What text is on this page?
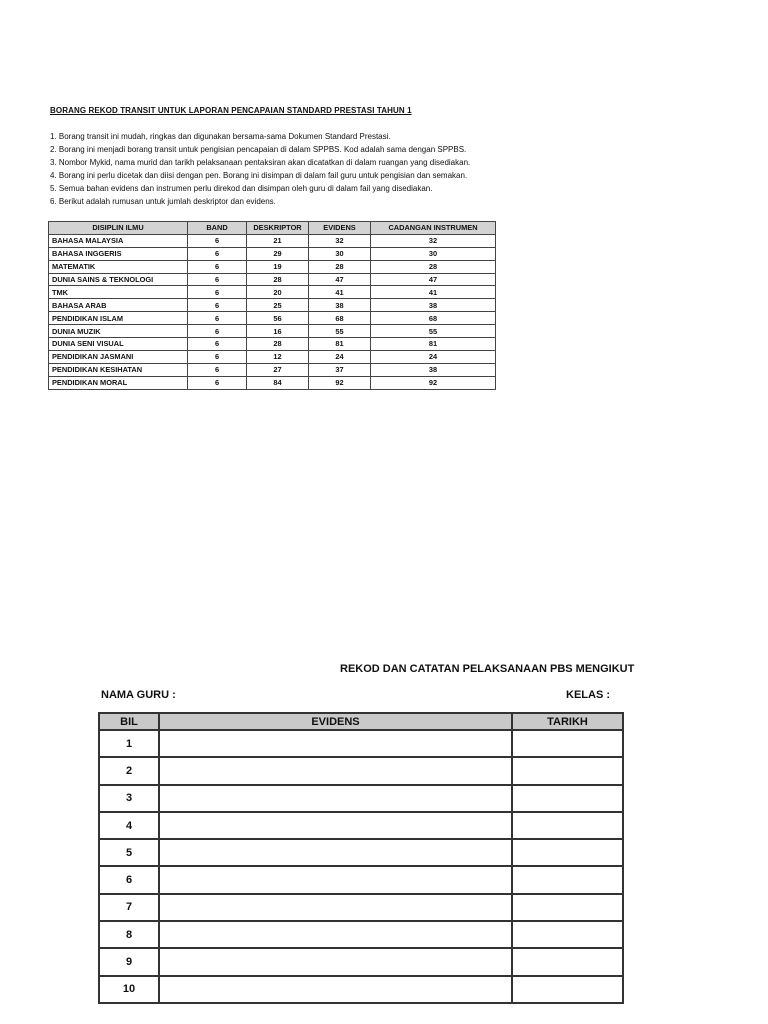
BORANG REKOD TRANSIT UNTUK LAPORAN PENCAPAIAN STANDARD PRESTASI TAHUN 1
1. Borang transit ini mudah, ringkas dan digunakan bersama-sama Dokumen Standard Prestasi.
2. Borang ini menjadi borang transit untuk pengisian pencapaian di dalam SPPBS. Kod adalah sama dengan SPPBS.
3. Nombor Mykid, nama murid dan tarikh pelaksanaan pentaksiran akan dicatatkan di dalam ruangan yang disediakan.
4. Borang ini perlu dicetak dan diisi dengan pen. Borang ini disimpan di dalam fail guru untuk pengisian dan semakan.
5. Semua bahan evidens dan instrumen perlu direkod dan disimpan oleh guru di dalam fail yang disediakan.
6. Berikut adalah rumusan untuk jumlah deskriptor dan evidens.
DISIPLIN ILMU	BAND	DESKRIPTOR	EVIDENS	CADANGAN INSTRUMEN
BAHASA MALAYSIA	6	21	32	32
BAHASA INGGERIS	6	29	30	30
MATEMATIK	6	19	28	28
DUNIA SAINS & TEKNOLOGI	6	28	47	47
TMK	6	20	41	41
BAHASA ARAB	6	25	38	38
PENDIDIKAN ISLAM	6	56	68	68
DUNIA MUZIK	6	16	55	55
DUNIA SENI VISUAL	6	28	81	81
PENDIDIKAN JASMANI	6	12	24	24
PENDIDIKAN KESIHATAN	6	27	37	38
PENDIDIKAN MORAL	6	84	92	92
REKOD DAN CATATAN PELAKSANAAN PBS MENGIKUT
NAMA GURU :	KELAS :
BIL	EVIDENS	TARIKH
1		
2		
3		
4		
5		
6		
7		
8		
9		
10		
